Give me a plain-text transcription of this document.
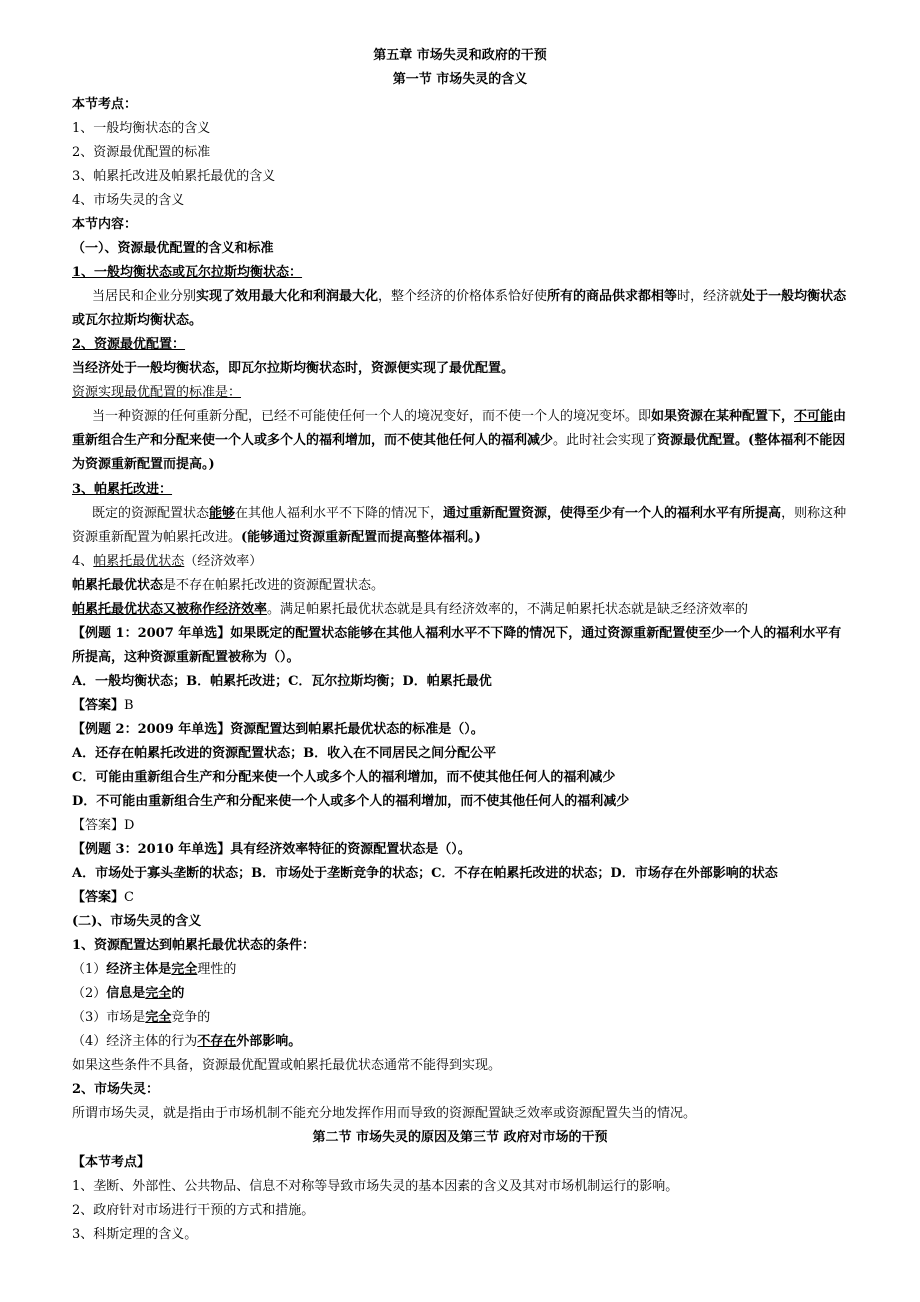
第五章 市场失灵和政府的干预
第一节 市场失灵的含义
本节考点：
1、一般均衡状态的含义
2、资源最优配置的标准
3、帕累托改进及帕累托最优的含义
4、市场失灵的含义
本节内容：
（一）、资源最优配置的含义和标准
1、一般均衡状态或瓦尔拉斯均衡状态：
当居民和企业分别实现了效用最大化和利润最大化，整个经济的价格体系恰好使所有的商品供求都相等时，经济就处于一般均衡状态
或瓦尔拉斯均衡状态。
2、资源最优配置：
当经济处于一般均衡状态，即瓦尔拉斯均衡状态时，资源便实现了最优配置。
资源实现最优配置的标准是：
当一种资源的任何重新分配，已经不可能使任何一个人的境况变好，而不使一个人的境况变坏。即如果资源在某种配置下，不可能由
重新组合生产和分配来使一个人或多个人的福利增加，而不使其他任何人的福利减少。此时社会实现了资源最优配置。(整体福利不能因
为资源重新配置而提高。)
3、帕累托改进：
既定的资源配置状态能够在其他人福利水平不下降的情况下，通过重新配置资源，使得至少有一个人的福利水平有所提高，则称这种
资源重新配置为帕累托改进。(能够通过资源重新配置而提高整体福利。)
4、帕累托最优状态（经济效率）
帕累托最优状态是不存在帕累托改进的资源配置状态。
帕累托最优状态又被称作经济效率。满足帕累托最优状态就是具有经济效率的，不满足帕累托状态就是缺乏经济效率的
【例题 1：2007 年单选】如果既定的配置状态能够在其他人福利水平不下降的情况下，通过资源重新配置使至少一个人的福利水平有
所提高，这种资源重新配置被称为（）。
A．一般均衡状态；B．帕累托改进；C．瓦尔拉斯均衡；D．帕累托最优
【答案】B
【例题 2：2009 年单选】资源配置达到帕累托最优状态的标准是（）。
A．还存在帕累托改进的资源配置状态；B．收入在不同居民之间分配公平
C．可能由重新组合生产和分配来使一个人或多个人的福利增加，而不使其他任何人的福利减少
D．不可能由重新组合生产和分配来使一个人或多个人的福利增加，而不使其他任何人的福利减少
【答案】D
【例题 3：2010 年单选】具有经济效率特征的资源配置状态是（）。
A．市场处于寡头垄断的状态；B．市场处于垄断竞争的状态；C．不存在帕累托改进的状态；D．市场存在外部影响的状态
【答案】C
(二)、市场失灵的含义
1、资源配置达到帕累托最优状态的条件：
（1）经济主体是完全理性的
（2）信息是完全的
（3）市场是完全竞争的
（4）经济主体的行为不存在外部影响。
如果这些条件不具备，资源最优配置或帕累托最优状态通常不能得到实现。
2、市场失灵：
所谓市场失灵，就是指由于市场机制不能充分地发挥作用而导致的资源配置缺乏效率或资源配置失当的情况。
第二节 市场失灵的原因及第三节 政府对市场的干预
【本节考点】
1、垄断、外部性、公共物品、信息不对称等导致市场失灵的基本因素的含义及其对市场机制运行的影响。
2、政府针对市场进行干预的方式和措施。
3、科斯定理的含义。
